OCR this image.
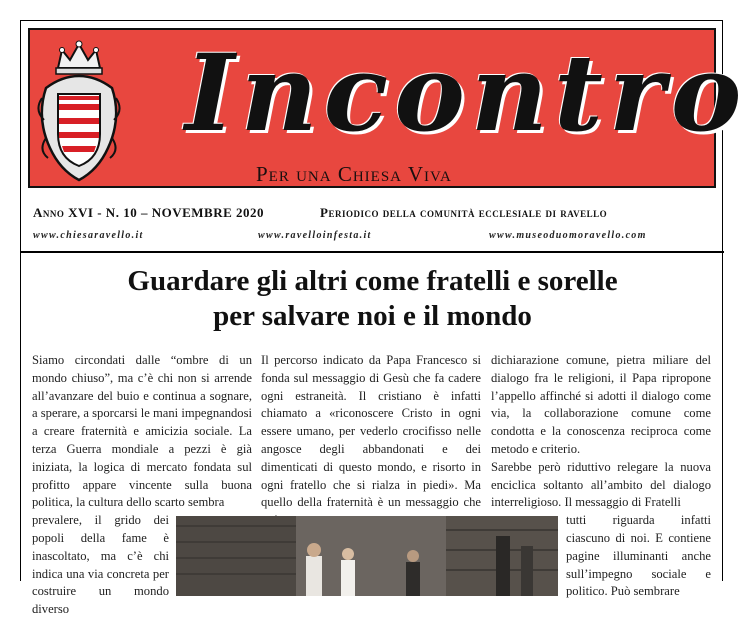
Incontro
Per una Chiesa Viva
Anno XVI - N. 10 – NOVEMBRE 2020	Periodico della comunità ecclesiale di ravello
www.chiesaravello.it	www.ravelloinfesta.it	www.museoduomoravello.com
Guardare gli altri come fratelli e sorelle
per salvare noi e il mondo

Siamo circondati dalle “ombre di un mondo chiuso”, ma c’è chi non si arrende all’avanzare del buio e continua a sognare, a sperare, a sporcarsi le mani impegnandosi a creare fraternità e amicizia sociale. La terza Guerra mondiale a pezzi è già iniziata, la logica di mercato fondata sul profitto appare vincente sulla buona politica, la cultura dello scarto sembra

prevalere, il grido dei popoli della fame è inascoltato, ma c’è chi indica una via concreta per costruire un mondo diverso

Il percorso indicato da Papa Francesco si fonda sul messaggio di Gesù che fa cadere ogni estraneità. Il cristiano è infatti chiamato a «riconoscere Cristo in ogni essere umano, per vederlo crocifisso nelle angosce degli abbandonati e dei dimenticati di questo mondo, e risorto in ogni fratello che si rialza in piedi». Ma quello della fraternità è un messaggio che

dichiarazione comune, pietra miliare del dialogo fra le religioni, il Papa ripropone l’appello affinché si adotti il dialogo come via, la collaborazione comune come condotta e la conoscenza reciproca come metodo e criterio.

Sarebbe però riduttivo relegare la nuova enciclica soltanto all’ambito del dialogo interreligioso. Il messaggio di Fratelli

tutti riguarda infatti ciascuno di noi. E contiene pagine illuminanti anche sull’impegno sociale e politico. Può sembrare
